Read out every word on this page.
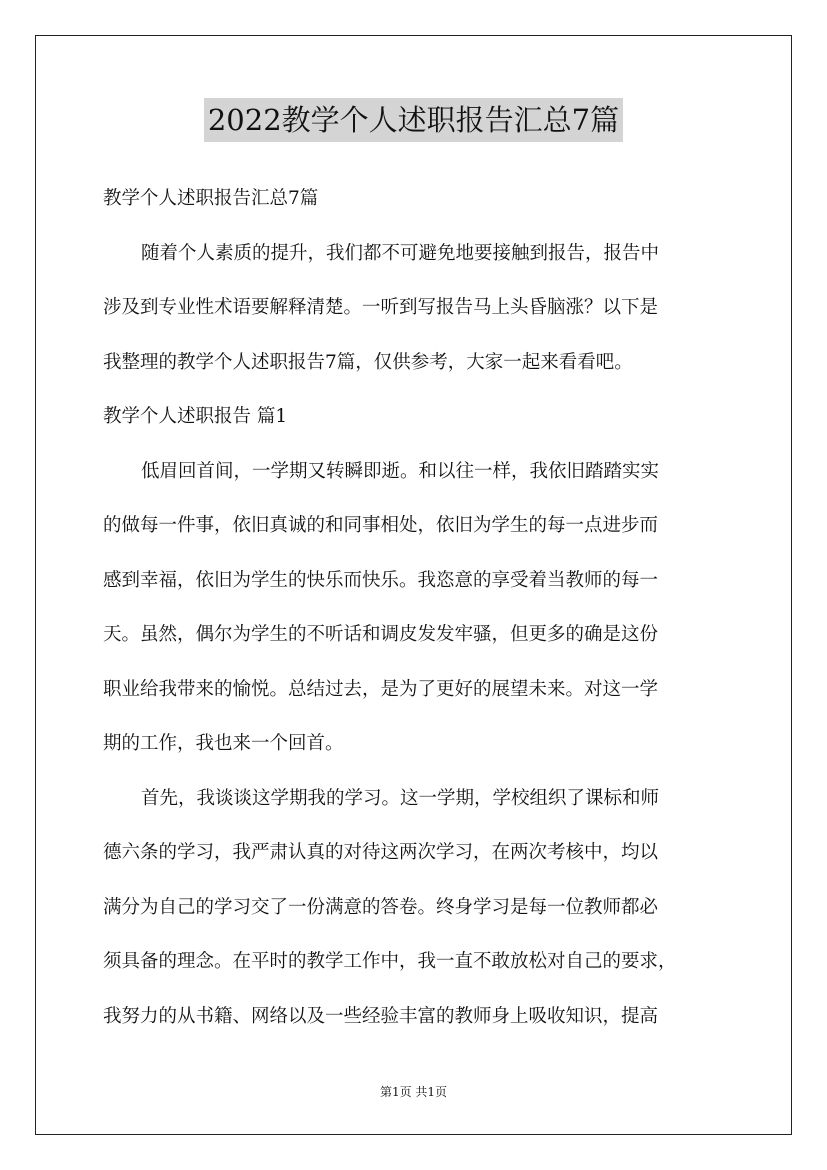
2022教学个人述职报告汇总7篇

教学个人述职报告汇总7篇

随着个人素质的提升，我们都不可避免地要接触到报告，报告中

涉及到专业性术语要解释清楚。一听到写报告马上头昏脑涨？以下是

我整理的教学个人述职报告7篇，仅供参考，大家一起来看看吧。

教学个人述职报告 篇1

低眉回首间，一学期又转瞬即逝。和以往一样，我依旧踏踏实实

的做每一件事，依旧真诚的和同事相处，依旧为学生的每一点进步而

感到幸福，依旧为学生的快乐而快乐。我恣意的享受着当教师的每一

天。虽然，偶尔为学生的不听话和调皮发发牢骚，但更多的确是这份

职业给我带来的愉悦。总结过去，是为了更好的展望未来。对这一学

期的工作，我也来一个回首。

首先，我谈谈这学期我的学习。这一学期，学校组织了课标和师

德六条的学习，我严肃认真的对待这两次学习，在两次考核中，均以

满分为自己的学习交了一份满意的答卷。终身学习是每一位教师都必

须具备的理念。在平时的教学工作中，我一直不敢放松对自己的要求，

我努力的从书籍、网络以及一些经验丰富的教师身上吸收知识，提高

第1页 共1页
